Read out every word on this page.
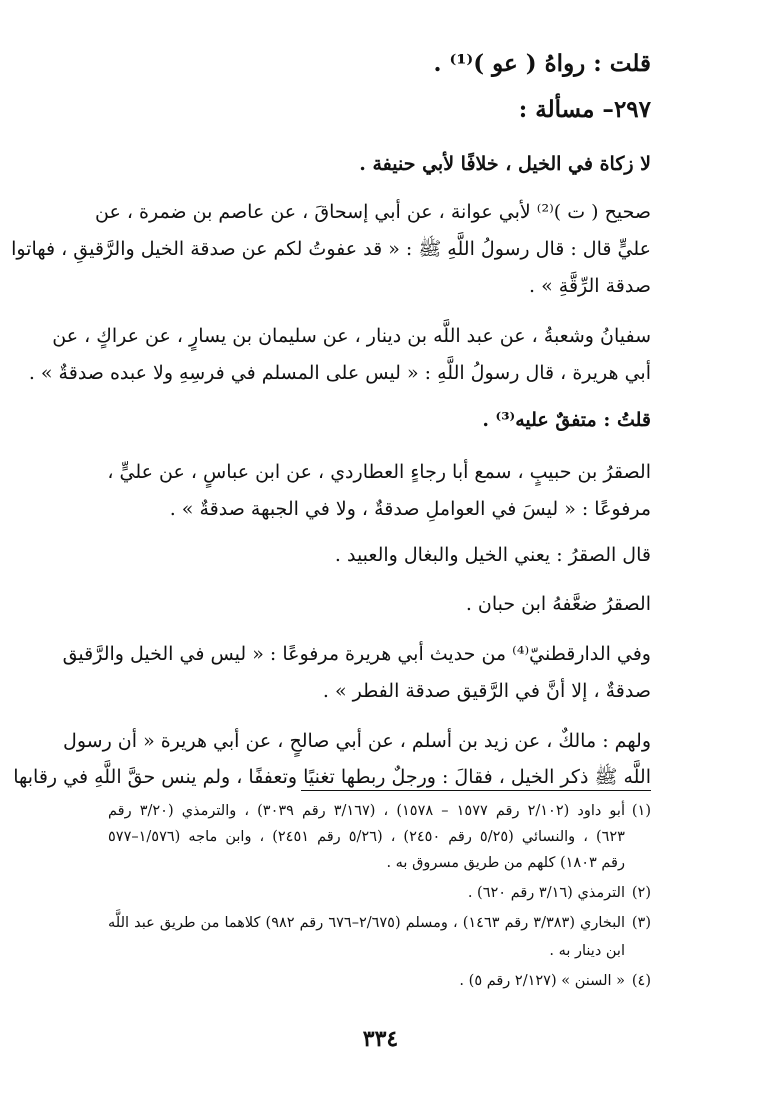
قلت : رواهُ ( عو )⁽¹⁾ .
٢٩٧– مسألة :
لا زكاة في الخيل ، خلافًا لأبي حنيفة .
صحيح ( ت )⁽²⁾ لأبي عوانة ، عن أبي إسحاقَ ، عن عاصم بن ضمرة ، عن
عليٍّ قال : قال رسولُ اللَّهِ ﷺ : « قد عفوتُ لكم عن صدقة الخيل والرَّقيقِ ، فهاتوا
صدقة الرِّقَّةِ » .
سفيانُ وشعبةُ ، عن عبد اللَّه بن دينار ، عن سليمان بن يسارٍ ، عن عراكٍ ، عن
أبي هريرة ، قال رسولُ اللَّهِ : « ليس على المسلم في فرسِهِ ولا عبده صدقةٌ » .
قلتُ : متفقٌ عليه⁽³⁾ .
الصقرُ بن حبيبٍ ، سمع أبا رجاءٍ العطاردي ، عن ابن عباسٍ ، عن عليٍّ ،
مرفوعًا : « ليسَ في العواملِ صدقةٌ ، ولا في الجبهة صدقةٌ » .
قال الصقرُ : يعني الخيل والبغال والعبيد .
الصقرُ ضعَّفهُ ابن حبان .
وفي الدارقطنيّ⁽⁴⁾ من حديث أبي هريرة مرفوعًا : « ليس في الخيل والرَّقيق
صدقةٌ ، إلا أنَّ في الرَّقيق صدقة الفطر » .
ولهم : مالكٌ ، عن زيد بن أسلم ، عن أبي صالحٍ ، عن أبي هريرة « أن رسول
اللَّه ﷺ ذكر الخيل ، فقالَ : ورجلٌ ربطها تغنيًا وتعففًا ، ولم ينس حقَّ اللَّهِ في رقابها
(١)أبو داود (٢/١٠٢ رقم ١٥٧٧ – ١٥٧٨) ، (٣/١٦٧ رقم ٣٠٣٩) ، والترمذي (٣/٢٠ رقم
٦٢٣) ، والنسائي (٥/٢٥ رقم ٢٤٥٠) ، (٥/٢٦ رقم ٢٤٥١) ، وابن ماجه (١/٥٧٦–٥٧٧
رقم ١٨٠٣) كلهم من طريق مسروق به .
(٢)الترمذي (٣/١٦ رقم ٦٢٠) .
(٣)البخاري (٣/٣٨٣ رقم ١٤٦٣) ، ومسلم (٢/٦٧٥–٦٧٦ رقم ٩٨٢) كلاهما من طريق عبد اللَّه
ابن دينار به .
(٤)« السنن » (٢/١٢٧ رقم ٥) .
٣٣٤
